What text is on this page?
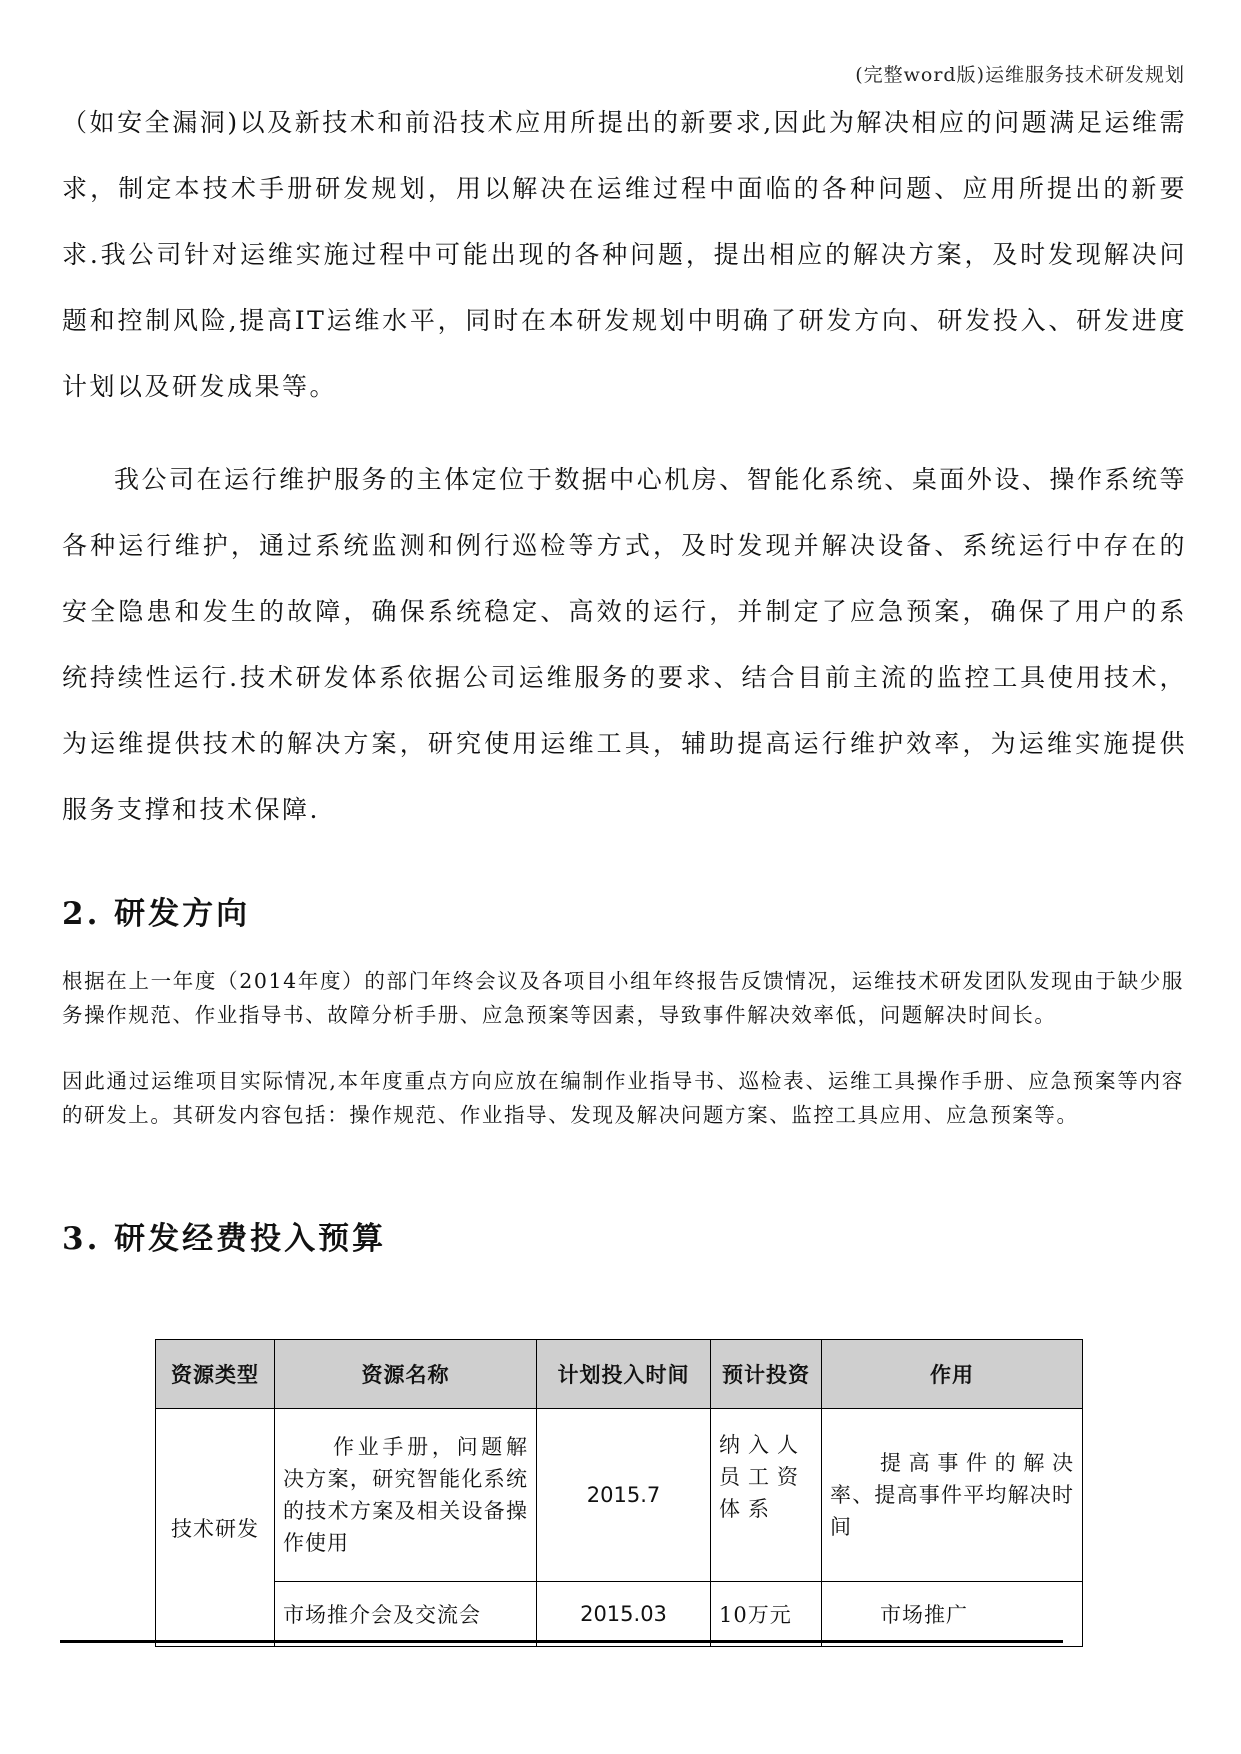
(完整word版)运维服务技术研发规划

（如安全漏洞)以及新技术和前沿技术应用所提出的新要求,因此为解决相应的问题满足运维需求，制定本技术手册研发规划，用以解决在运维过程中面临的各种问题、应用所提出的新要求.我公司针对运维实施过程中可能出现的各种问题，提出相应的解决方案，及时发现解决问题和控制风险,提高IT运维水平，同时在本研发规划中明确了研发方向、研发投入、研发进度计划以及研发成果等。

我公司在运行维护服务的主体定位于数据中心机房、智能化系统、桌面外设、操作系统等各种运行维护，通过系统监测和例行巡检等方式，及时发现并解决设备、系统运行中存在的安全隐患和发生的故障，确保系统稳定、高效的运行，并制定了应急预案，确保了用户的系统持续性运行.技术研发体系依据公司运维服务的要求、结合目前主流的监控工具使用技术，为运维提供技术的解决方案，研究使用运维工具，辅助提高运行维护效率，为运维实施提供服务支撑和技术保障.

2. 研发方向

根据在上一年度（2014年度）的部门年终会议及各项目小组年终报告反馈情况，运维技术研发团队发现由于缺少服务操作规范、作业指导书、故障分析手册、应急预案等因素，导致事件解决效率低，问题解决时间长。

因此通过运维项目实际情况,本年度重点方向应放在编制作业指导书、巡检表、运维工具操作手册、应急预案等内容的研发上。其研发内容包括：操作规范、作业指导、发现及解决问题方案、监控工具应用、应急预案等。

3. 研发经费投入预算
资源类型	资源名称	计划投入时间	预计投资	作用
技术研发	作业手册，问题解决方案，研究智能化系统的技术方案及相关设备操作使用	2015.7	纳入人员工资体系	提高事件的解决率、提高事件平均解决时间
	市场推介会及交流会	2015.03	10万元	市场推广
